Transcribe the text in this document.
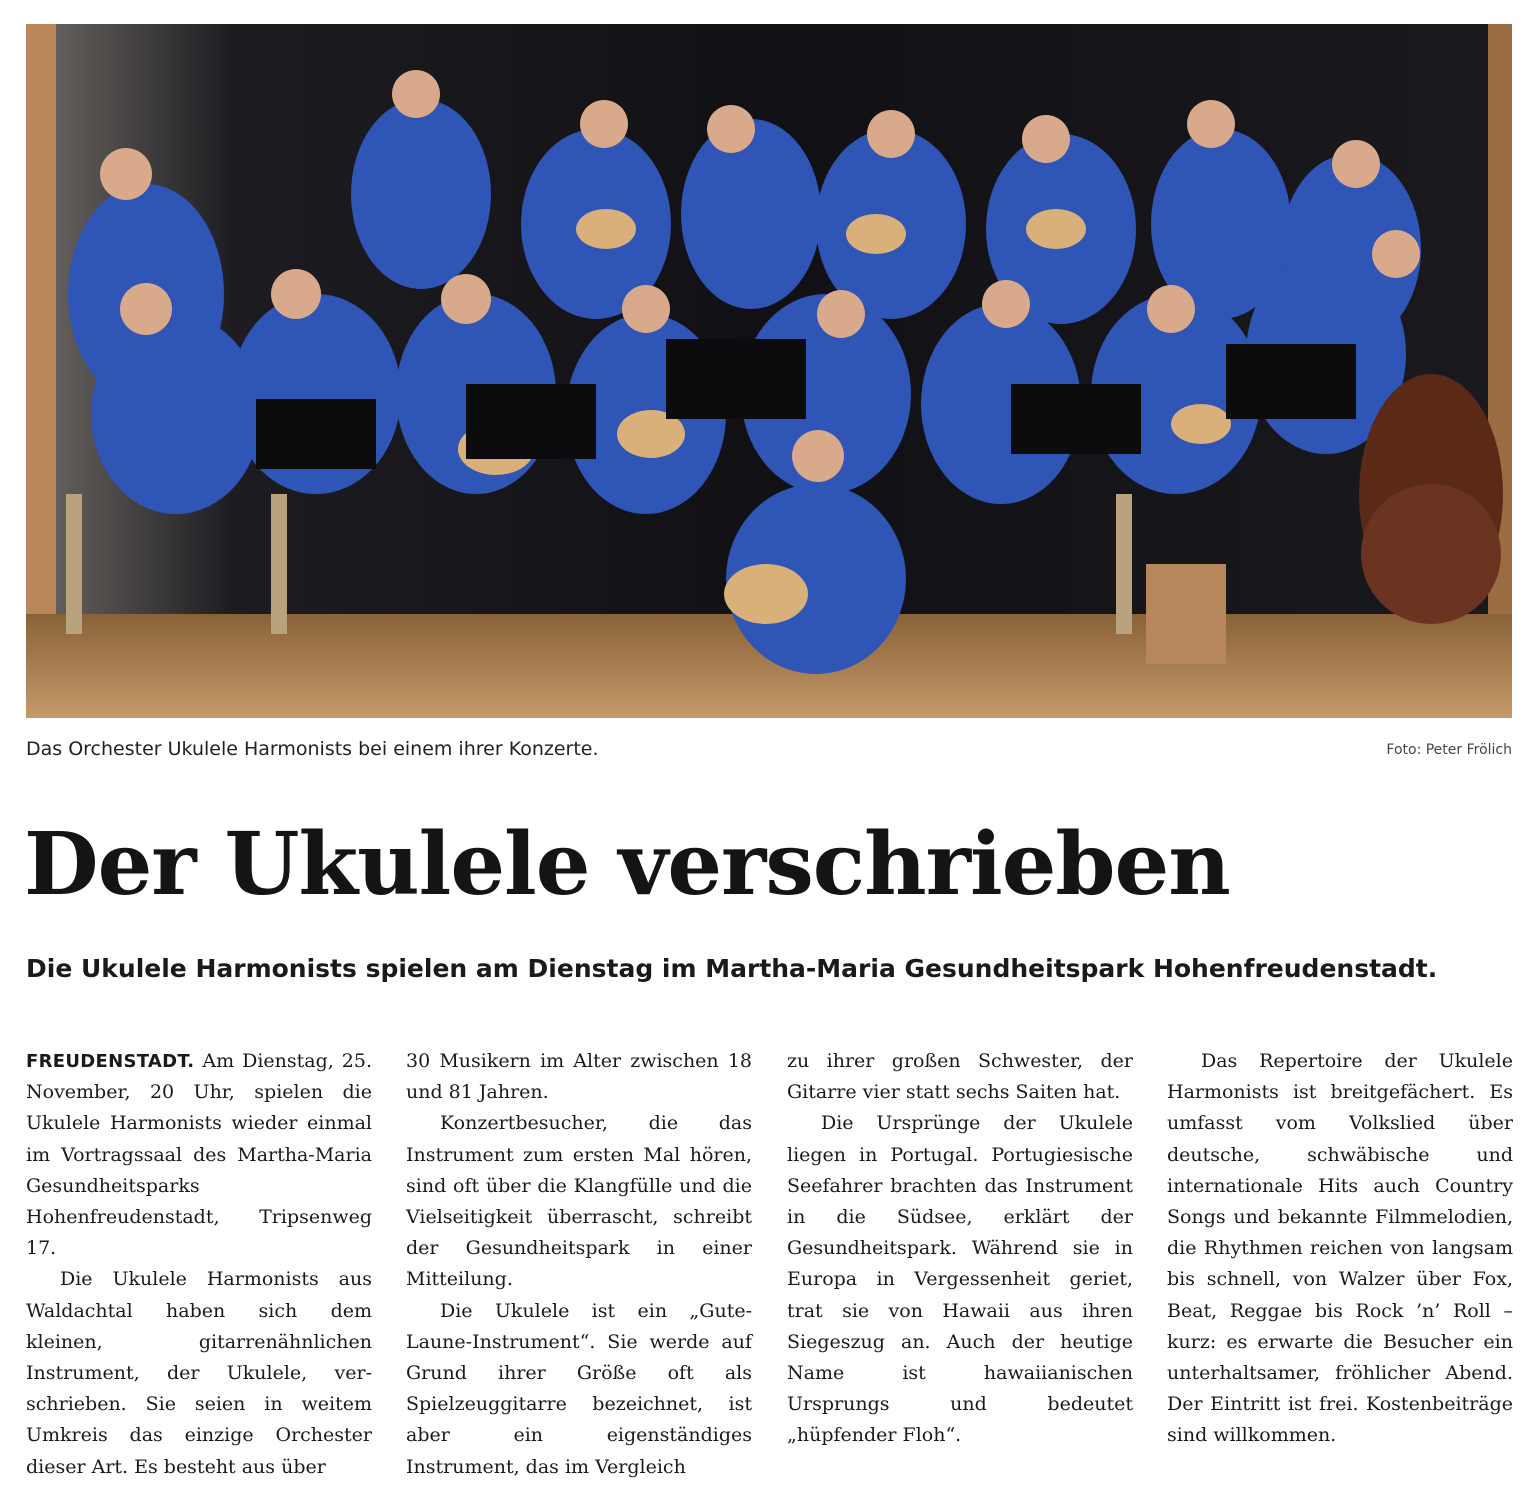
Das Orchester Ukulele Harmonists bei einem ihrer Konzerte.	Foto: Peter Frölich
Der Ukulele verschrieben
Die Ukulele Harmonists spielen am Dienstag im Martha-Maria Gesundheitspark Hohenfreudenstadt.

FREUDENSTADT. Am Dienstag, 25. November, 20 Uhr, spielen die Ukulele Harmonists wieder einmal im Vortragssaal des Martha-Maria Gesundheitsparks Hohenfreudenstadt, Tripsenweg 17.

Die Ukulele Harmonists aus Waldachtal haben sich dem kleinen, gitarrenähnlichen Instrument, der Ukulele, verschrieben. Sie seien in weitem Umkreis das einzige Orchester dieser Art. Es besteht aus über

30 Musikern im Alter zwischen 18 und 81 Jahren.

Konzertbesucher, die das Instrument zum ersten Mal hören, sind oft über die Klangfülle und die Vielseitigkeit überrascht, schreibt der Gesundheitspark in einer Mitteilung.

Die Ukulele ist ein „Gute-Laune-Instrument“. Sie werde auf Grund ihrer Größe oft als Spielzeuggitarre bezeichnet, ist aber ein eigenständiges Instrument, das im Vergleich

zu ihrer großen Schwester, der Gitarre vier statt sechs Saiten hat.

Die Ursprünge der Ukulele liegen in Portugal. Portugiesische Seefahrer brachten das Instrument in die Südsee, erklärt der Gesundheitspark. Während sie in Europa in Vergessenheit geriet, trat sie von Hawaii aus ihren Siegeszug an. Auch der heutige Name ist hawaiianischen Ursprungs und bedeutet „hüpfender Floh“.

Das Repertoire der Ukulele Harmonists ist breitgefächert. Es umfasst vom Volkslied über deutsche, schwäbische und internationale Hits auch Country Songs und bekannte Filmmelodien, die Rhythmen reichen von langsam bis schnell, von Walzer über Fox, Beat, Reggae bis Rock ’n’ Roll – kurz: es erwarte die Besucher ein unterhaltsamer, fröhlicher Abend. Der Eintritt ist frei. Kostenbeiträge sind willkommen.
